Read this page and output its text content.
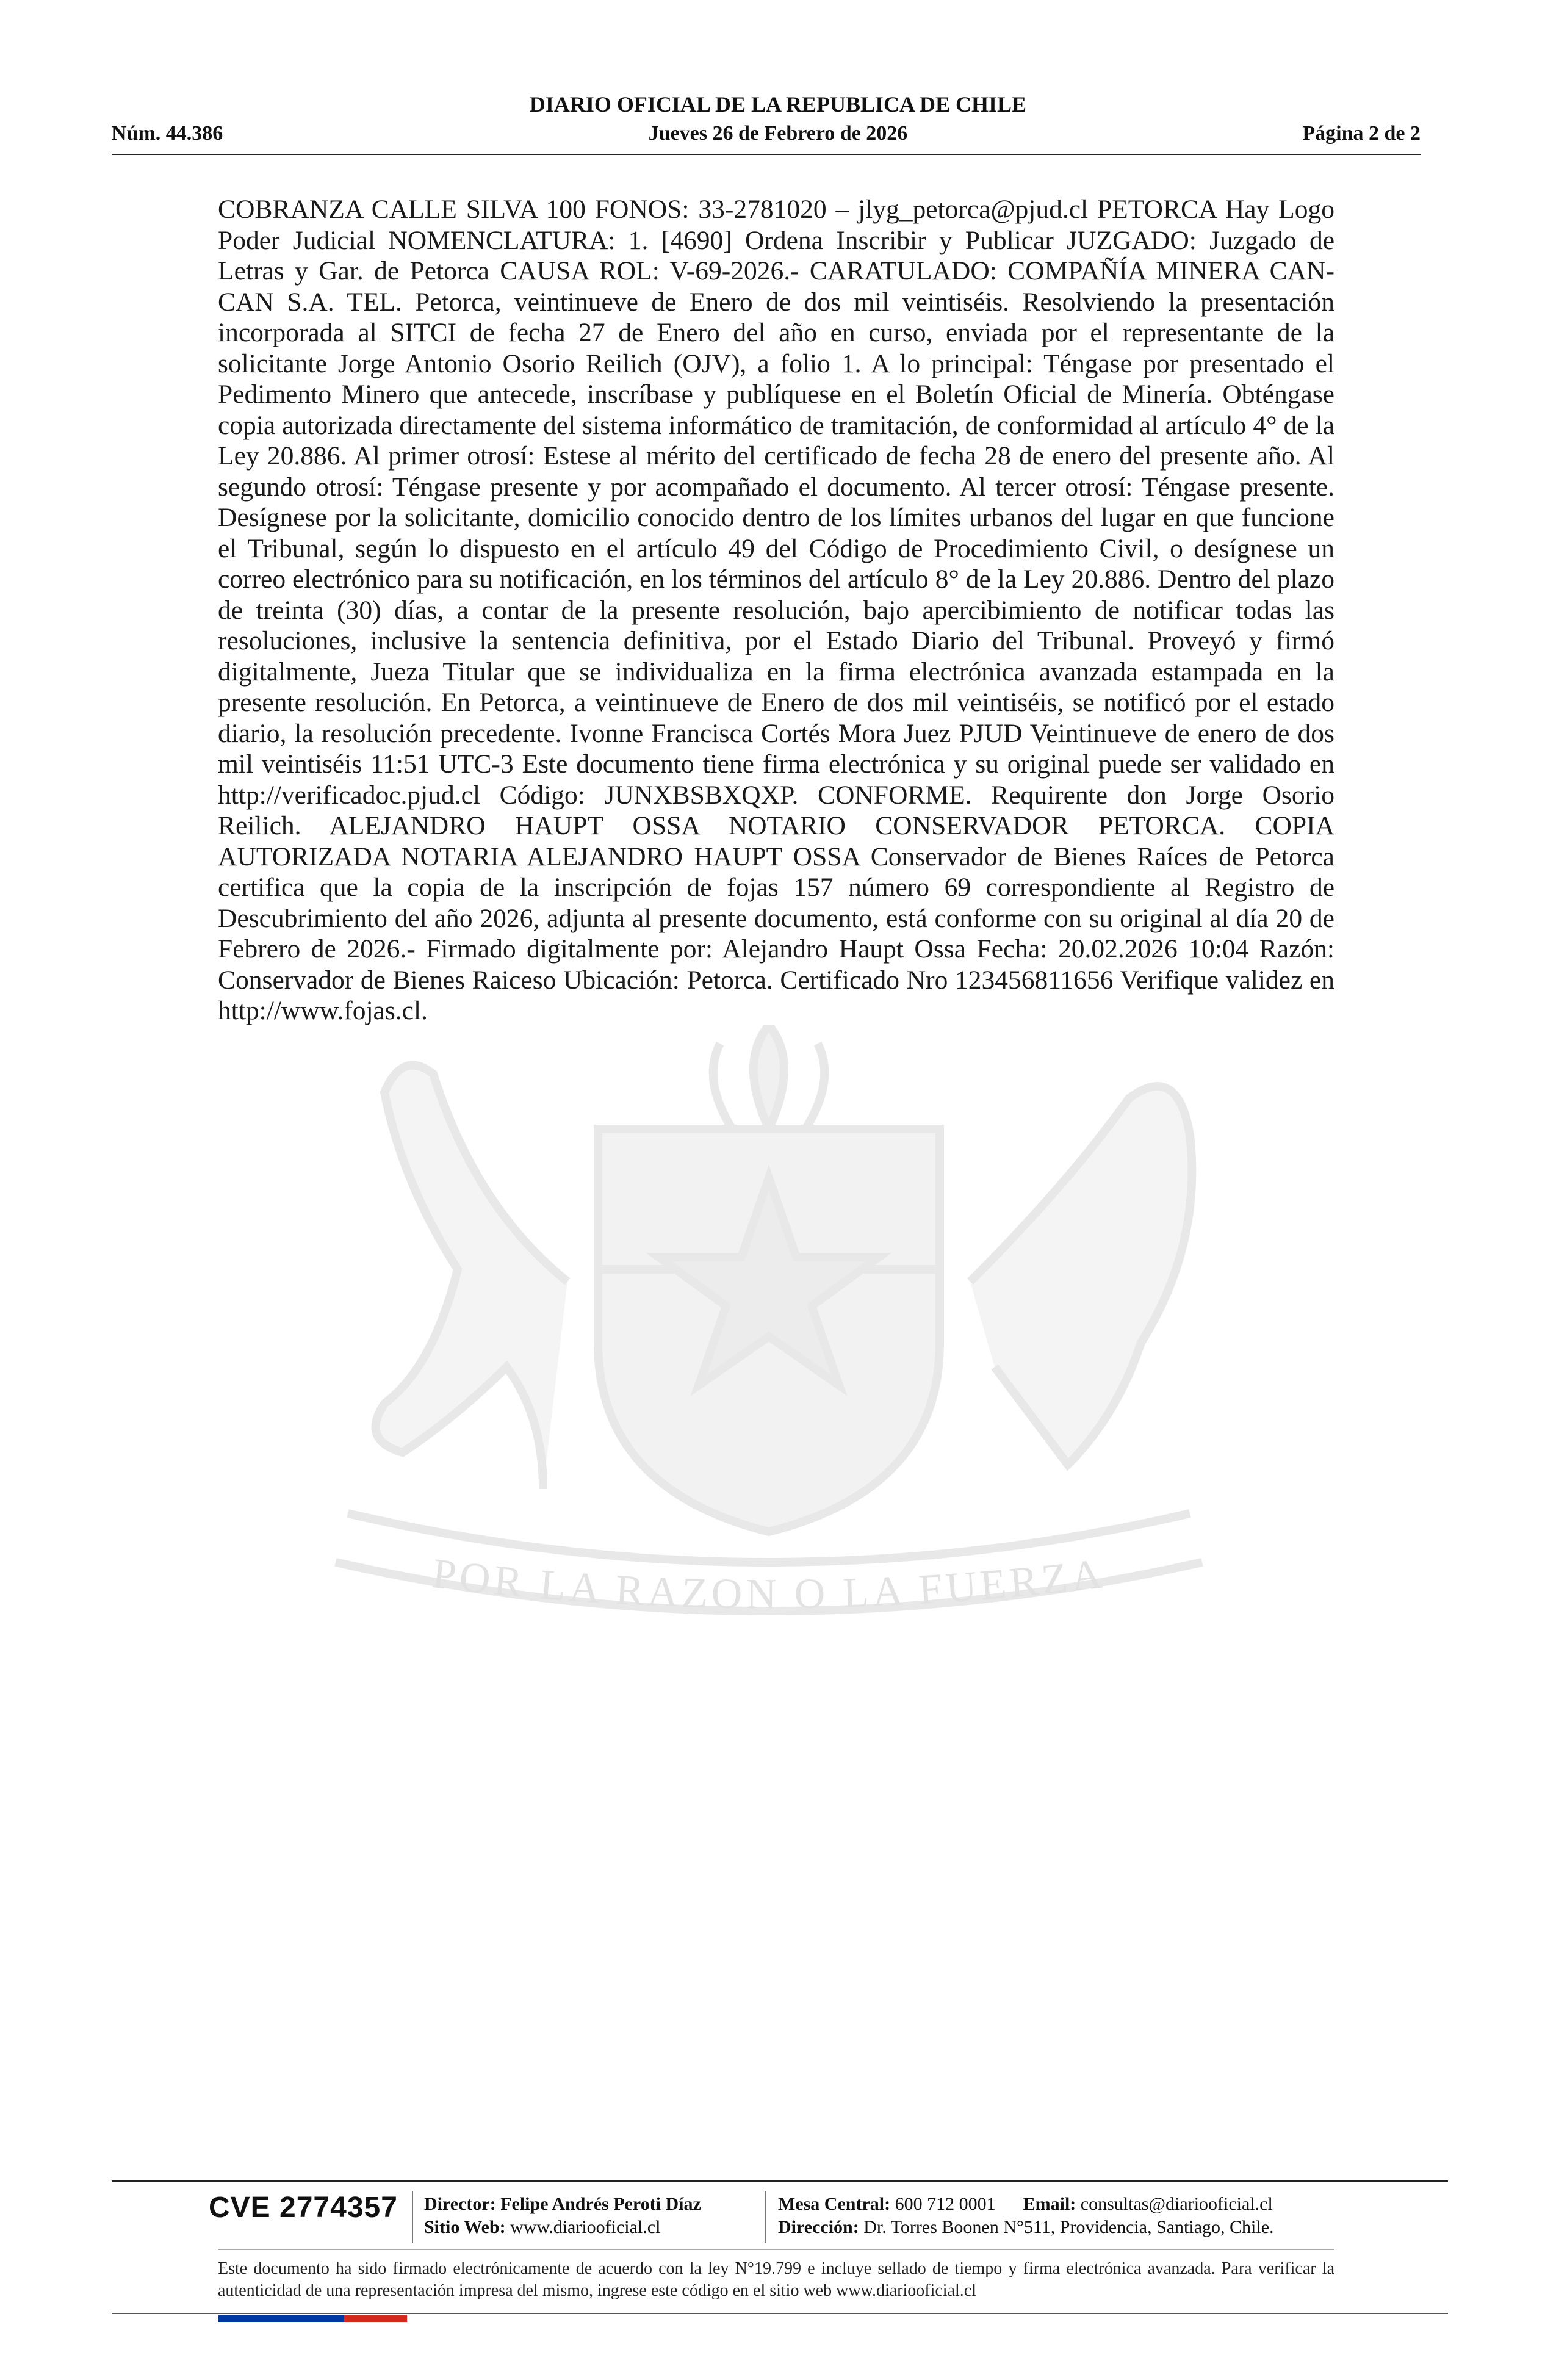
DIARIO OFICIAL DE LA REPUBLICA DE CHILE
Núm. 44.386	Jueves 26 de Febrero de 2026	Página 2 de 2
POR LA RAZON O LA FUERZA
COBRANZA CALLE SILVA 100 FONOS: 33-2781020 – jlyg_petorca@pjud.cl PETORCA Hay Logo Poder Judicial NOMENCLATURA: 1. [4690] Ordena Inscribir y Publicar JUZGADO: Juzgado de Letras y Gar. de Petorca CAUSA ROL: V-69-2026.- CARATULADO: COMPAÑÍA MINERA CAN-CAN S.A. TEL. Petorca, veintinueve de Enero de dos mil veintiséis. Resolviendo la presentación incorporada al SITCI de fecha 27 de Enero del año en curso, enviada por el representante de la solicitante Jorge Antonio Osorio Reilich (OJV), a folio 1. A lo principal: Téngase por presentado el Pedimento Minero que antecede, inscríbase y publíquese en el Boletín Oficial de Minería. Obténgase copia autorizada directamente del sistema informático de tramitación, de conformidad al artículo 4° de la Ley 20.886. Al primer otrosí: Estese al mérito del certificado de fecha 28 de enero del presente año. Al segundo otrosí: Téngase presente y por acompañado el documento. Al tercer otrosí: Téngase presente. Desígnese por la solicitante, domicilio conocido dentro de los límites urbanos del lugar en que funcione el Tribunal, según lo dispuesto en el artículo 49 del Código de Procedimiento Civil, o desígnese un correo electrónico para su notificación, en los términos del artículo 8° de la Ley 20.886. Dentro del plazo de treinta (30) días, a contar de la presente resolución, bajo apercibimiento de notificar todas las resoluciones, inclusive la sentencia definitiva, por el Estado Diario del Tribunal. Proveyó y firmó digitalmente, Jueza Titular que se individualiza en la firma electrónica avanzada estampada en la presente resolución. En Petorca, a veintinueve de Enero de dos mil veintiséis, se notificó por el estado diario, la resolución precedente. Ivonne Francisca Cortés Mora Juez PJUD Veintinueve de enero de dos mil veintiséis 11:51 UTC-3 Este documento tiene firma electrónica y su original puede ser validado en http://verificadoc.pjud.cl Código: JUNXBSBXQXP. CONFORME. Requirente don Jorge Osorio Reilich. ALEJANDRO HAUPT OSSA NOTARIO CONSERVADOR PETORCA. COPIA AUTORIZADA NOTARIA ALEJANDRO HAUPT OSSA Conservador de Bienes Raíces de Petorca certifica que la copia de la inscripción de fojas 157 número 69 correspondiente al Registro de Descubrimiento del año 2026, adjunta al presente documento, está conforme con su original al día 20 de Febrero de 2026.- Firmado digitalmente por: Alejandro Haupt Ossa Fecha: 20.02.2026 10:04 Razón: Conservador de Bienes Raiceso Ubicación: Petorca. Certificado Nro 123456811656 Verifique validez en http://www.fojas.cl.
CVE 2774357 Director: Felipe Andrés Peroti Díaz
Sitio Web: www.diariooficial.cl
Mesa Central: 600 712 0001 Email: consultas@diariooficial.cl
Dirección: Dr. Torres Boonen N°511, Providencia, Santiago, Chile.
Este documento ha sido firmado electrónicamente de acuerdo con la ley N°19.799 e incluye sellado de tiempo y firma electrónica avanzada. Para verificar la autenticidad de una representación impresa del mismo, ingrese este código en el sitio web www.diariooficial.cl
